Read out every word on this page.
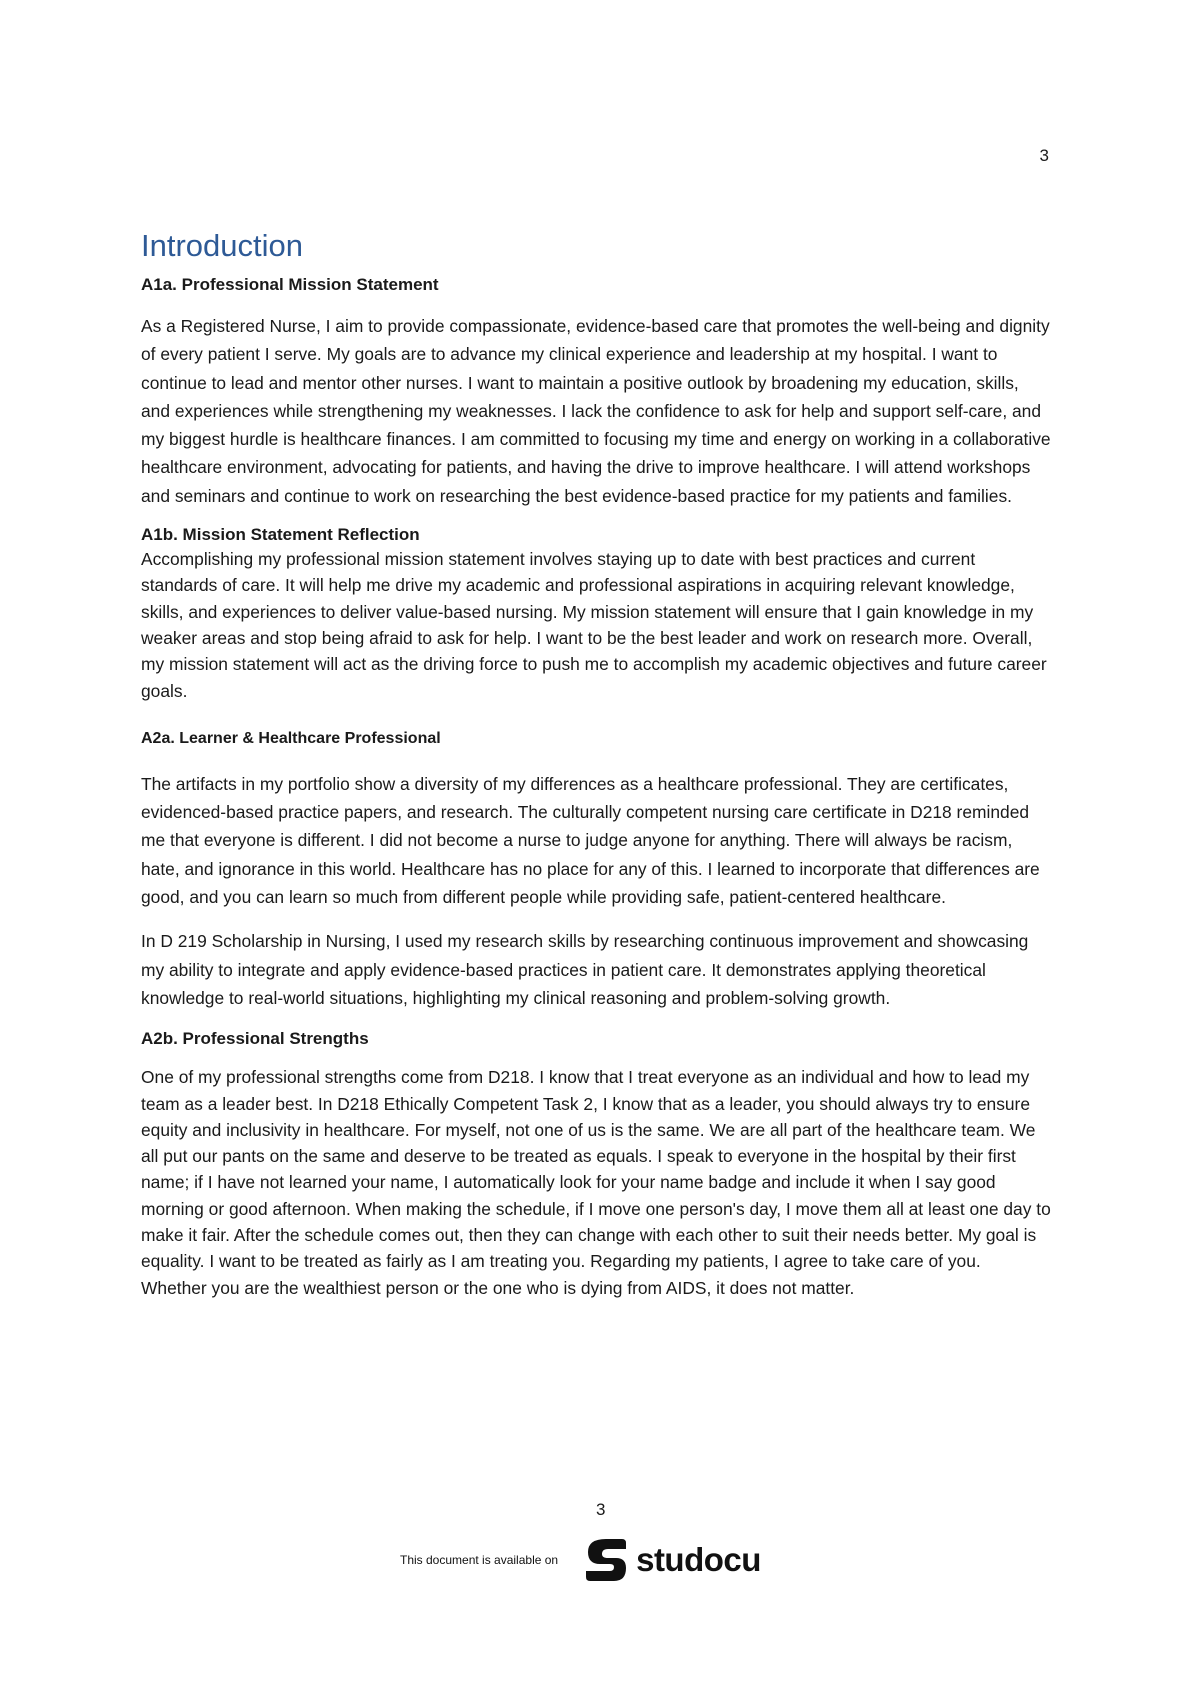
3
Introduction

A1a. Professional Mission Statement

As a Registered Nurse, I aim to provide compassionate, evidence-based care that promotes the well-being and dignity of every patient I serve. My goals are to advance my clinical experience and leadership at my hospital. I want to continue to lead and mentor other nurses. I want to maintain a positive outlook by broadening my education, skills, and experiences while strengthening my weaknesses. I lack the confidence to ask for help and support self-care, and my biggest hurdle is healthcare finances. I am committed to focusing my time and energy on working in a collaborative healthcare environment, advocating for patients, and having the drive to improve healthcare. I will attend workshops and seminars and continue to work on researching the best evidence-based practice for my patients and families.

A1b. Mission Statement Reflection

Accomplishing my professional mission statement involves staying up to date with best practices and current standards of care. It will help me drive my academic and professional aspirations in acquiring relevant knowledge, skills, and experiences to deliver value-based nursing. My mission statement will ensure that I gain knowledge in my weaker areas and stop being afraid to ask for help. I want to be the best leader and work on research more. Overall, my mission statement will act as the driving force to push me to accomplish my academic objectives and future career goals.

A2a. Learner & Healthcare Professional

The artifacts in my portfolio show a diversity of my differences as a healthcare professional. They are certificates, evidenced-based practice papers, and research. The culturally competent nursing care certificate in D218 reminded me that everyone is different. I did not become a nurse to judge anyone for anything. There will always be racism, hate, and ignorance in this world. Healthcare has no place for any of this. I learned to incorporate that differences are good, and you can learn so much from different people while providing safe, patient-centered healthcare.

In D 219 Scholarship in Nursing, I used my research skills by researching continuous improvement and showcasing my ability to integrate and apply evidence-based practices in patient care. It demonstrates applying theoretical knowledge to real-world situations, highlighting my clinical reasoning and problem-solving growth.

A2b. Professional Strengths

One of my professional strengths come from D218. I know that I treat everyone as an individual and how to lead my team as a leader best. In D218 Ethically Competent Task 2, I know that as a leader, you should always try to ensure equity and inclusivity in healthcare. For myself, not one of us is the same. We are all part of the healthcare team. We all put our pants on the same and deserve to be treated as equals. I speak to everyone in the hospital by their first name; if I have not learned your name, I automatically look for your name badge and include it when I say good morning or good afternoon. When making the schedule, if I move one person's day, I move them all at least one day to make it fair. After the schedule comes out, then they can change with each other to suit their needs better. My goal is equality. I want to be treated as fairly as I am treating you. Regarding my patients, I agree to take care of you. Whether you are the wealthiest person or the one who is dying from AIDS, it does not matter.

3
This document is available on studocu
